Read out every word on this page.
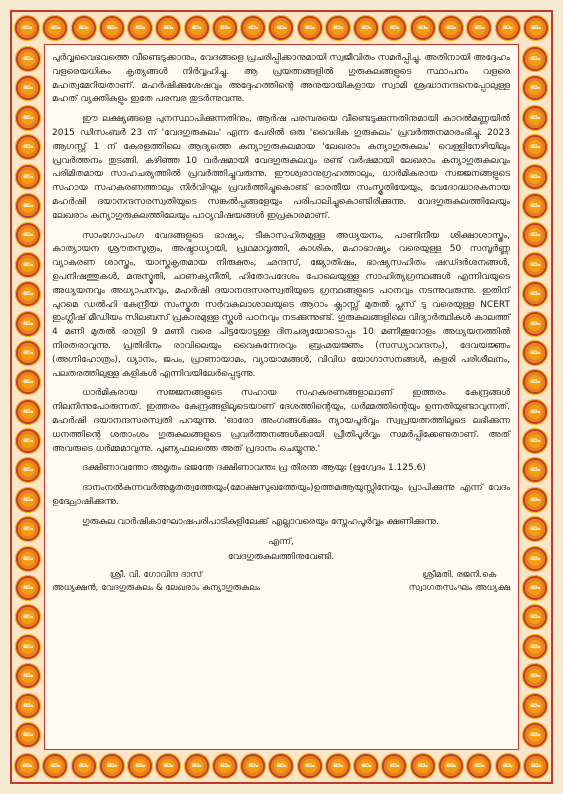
ഓം	ഓം	ഓം	ഓം	ഓം	ഓം	ഓം	ഓം	ഓം	ഓം	ഓം	ഓം	ഓം	ഓം	ഓം	ഓം	ഓം	ഓം	ഓം
ഓം	ഓം	ഓം	ഓം	ഓം	ഓം	ഓം	ഓം	ഓം	ഓം	ഓം	ഓം	ഓം	ഓം	ഓം	ഓം	ഓം	ഓം	ഓം
ഓം
ഓം
ഓം
ഓം
ഓം
ഓം
ഓം
ഓം
ഓം
ഓം
ഓം
ഓം
ഓം
ഓം
ഓം
ഓം
ഓം
ഓം
ഓം
ഓം
ഓം
ഓം
ഓം
ഓം
ഓം
ഓം
ഓം
ഓം
ഓം
ഓം
ഓം
ഓം
ഓം
ഓം
ഓം
ഓം
ഓം
ഓം
ഓം
ഓം
ഓം
ഓം
ഓം
ഓം
ഓം
ഓം
ഓം
ഓം

പുർവ്വവൈഭവത്തെ വീണ്ടെടുക്കാനും, വേദങ്ങളെ പ്രചരിപ്പിക്കാനുമായി സ്വജീവിതം സമർപ്പിച്ചു. അതിനായി അദ്ദേഹം വളരെയധികം കൃത്യങ്ങൾ നിർവ്വഹിച്ചു. ആ പ്രയത്നങ്ങളിൽ ഗുരുകുലങ്ങളുടെ സ്ഥാപനം വളരെ മഹത്വമേറിയതാണ്. മഹർഷിക്കുശേഷവും അദ്ദേഹത്തിന്റെ അനുയായികളായ സ്വാമി ശ്രദ്ധാനന്ദനെപ്പോലുള്ള മഹത് വ്യക്തികളും ഇതേ പരമ്പര തുടർന്നുവന്നു.

ഈ ലക്ഷ്യങ്ങളെ പുനസ്ഥാപിക്കുന്നതിനും, ആർഷ പരമ്പരയെ വീണ്ടെടുക്കുന്നതിനുമായി കാറൽമണ്ണയിൽ 2015 ഡിസംബർ 23 ന് 'വേദഗുരുകുലം' എന്ന പേരിൽ ഒരു 'വൈദിക ഗുരുകുലം' പ്രവർത്തനമാരംഭിച്ചു. 2023 ആഗസ്റ്റ് 1 ന് കേരളത്തിലെ ആദ്യത്തെ കന്യാഗുരുകുലമായ 'ലേഖരാം കന്യാഗുരുകുലം' വെള്ളിനേഴിയിലും പ്രവർത്തനം തുടങ്ങി. കഴിഞ്ഞ 10 വർഷമായി വേദഗുരുകുലവും രണ്ട് വർഷമായി ലേഖരാം കന്യാഗുരുകുലവും പരിമിതമായ സാഹചര്യത്തിൽ പ്രവർത്തിച്ചുവരുന്നു. ഈശ്വരാനുഗ്രഹത്താലും, ധാർമികരായ സജ്ജനങ്ങളുടെ സഹായ സഹകരണത്താലും നിർവിഘ്നം പ്രവർത്തിച്ചുകൊണ്ട് ഭാരതീയ സംസ്കൃതിയേയും, വേദോദ്ധാരകനായ മഹർഷി ദയാനന്ദസരസ്വതിയുടെ സങ്കൽപ്പങ്ങളേയും പരിപാലിച്ചുകൊണ്ടിരിക്കുന്നു. വേദഗുരുകുലത്തിലേയും ലേഖരാം കന്യാഗുരുകുലത്തിലേയും പാഠ്യവിഷയങ്ങൾ ഇപ്രകാരമാണ്.

സാംഗോപാംഗ വേദങ്ങളുടെ ഭാഷ്യം, ടീകാസഹിതമുള്ള അധ്യയനം, പാണിനീയ ശിക്ഷാശാസ്ത്രം, കാത്യായന ശ്രൗതസൂത്രം, അഷ്ടാധ്യായി, പ്രഥമാവൃത്തി, കാശിക, മഹാഭാഷ്യം വരെയുള്ള 50 സമ്പൂർണ്ണ വ്യാകരണ ശാസ്ത്രം, യാസ്കകൃതമായ നിരുക്തം, ഛന്ദസ്, ജ്യോതിഷം, ഭാഷ്യസഹിതം ഷഡ്ദർശനങ്ങൾ, ഉപനിഷത്തുകൾ, മനുസ്മൃതി, ചാണക്യനീതി, ഹിതോപദേശം പോലെയുള്ള സാഹിത്യഗ്രന്ഥങ്ങൾ എന്നിവയുടെ അധ്യയനവും അധ്യാപനവും, മഹർഷി ദയാനന്ദസരസ്വതിയുടെ ഗ്രന്ഥങ്ങളുടെ പഠനവും നടന്നുവരുന്നു. ഇതിന് പുറമെ ഡൽഹി കേന്ദ്രീയ സംസ്കൃത സർവകലാശാലയുടെ ആറാം ക്ലാസ്സ് മുതൽ പ്ലസ് ടു വരെയുള്ള NCERT ഇംഗ്ലീഷ് മീഡിയം സിലബസ് പ്രകാരമുള്ള സ്കൂൾ പഠനവും നടക്കുന്നുണ്ട്. ഗുരുകുലങ്ങളിലെ വിദ്യാർത്ഥികൾ കാലത്ത് 4 മണി മുതൽ രാത്രി 9 മണി വരെ ചിട്ടയോടുള്ള ദിനചര്യയോടൊപ്പം 10 മണിക്കൂറോളം അധ്യയനത്തിൽ നിരതരാവുന്നു. പ്രതിദിനം രാവിലെയും വൈകുന്നേരവും ബ്രഹ്മയജ്ഞം (സന്ധ്യാവന്ദനം), ദേവയജ്ഞം (അഗ്നിഹോത്രം), ധ്യാനം, ജപം, പ്രാണായാമം, വ്യായാമങ്ങൾ, വിവിധ യോഗാസനങ്ങൾ, കളരി പരിശീലനം, പലതരത്തിലുള്ള കളികൾ എന്നിവയിലേർപ്പെടുന്നു.

ധാർമികരായ സജ്ജനങ്ങളുടെ സഹായ സഹകരണങ്ങളാലാണ് ഇത്തരം കേന്ദ്രങ്ങൾ നിലനിന്നുപോരുന്നത്. ഇത്തരം കേന്ദ്രങ്ങളിലൂടെയാണ് ദേശത്തിന്റെയും, ധർമ്മത്തിന്റെയും ഉന്നതിയുണ്ടാവുന്നത്. മഹർഷി ദയാനന്ദസരസ്വതി പറയുന്നു. 'ഓരോ അംഗങ്ങൾക്കും ന്യായപൂർവ്വം സ്വപ്രയത്നത്തിലൂടെ ലഭിക്കുന്ന ധനത്തിന്റെ ശതാംശം ഗുരുകുലങ്ങളുടെ പ്രവർത്തനങ്ങൾക്കായി പ്രീതിപൂർവ്വം സമർപ്പിക്കേണ്ടതാണ്. അത് അവരുടെ ധർമ്മമാവുന്നു. പുണ്യഫലത്തെ അത് പ്രദാനം ചെയ്യുന്നു.'

ദക്ഷിണാവന്തോ അമൃതം ഭജന്തേ ദക്ഷിണാവന്തഃ പ്ര തിരന്ത ആയുഃ (ഋഗ്വേദം 1.125.6)

ദാനംനൽകുന്നവർഅമൃതത്വത്തേയും(മോക്ഷസുഖത്തേയും)ഉത്തമആയുസ്സിനേയും പ്രാപിക്കുന്നു എന്ന് വേദം ഉദ്ഘോഷിക്കുന്നു.

ഗുരുകുല വാർഷികാഘോഷപരിപാടികളിലേക്ക് എല്ലാവരെയും സ്നേഹപൂർവ്വം ക്ഷണിക്കുന്നു.

എന്ന്,

വേദഗുരുകുലത്തിനുവേണ്ടി.

ശ്രീ. വി. ഗോവിന്ദ ദാസ്
അധ്യക്ഷൻ, വേദഗുരുകുലം & ലേഖരാം കന്യാഗുരുകുലം
ശ്രീമതി. രജനി.കെ
സ്വാഗതസംഘം അധ്യക്ഷ
